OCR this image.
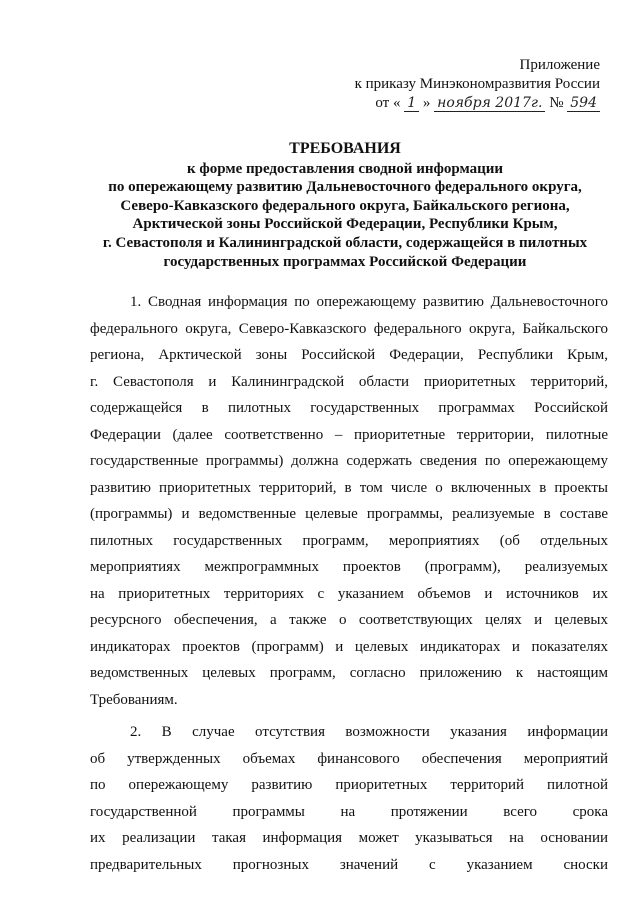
Приложение
к приказу Минэкономразвития России
от « 1 » ноября 2017г. № 594
ТРЕБОВАНИЯ
к форме предоставления сводной информации
по опережающему развитию Дальневосточного федерального округа,
Северо-Кавказского федерального округа, Байкальского региона,
Арктической зоны Российской Федерации, Республики Крым,
г. Севастополя и Калининградской области, содержащейся в пилотных
государственных программах Российской Федерации
1. Сводная информация по опережающему развитию Дальневосточного
федерального округа, Северо-Кавказского федерального округа, Байкальского
региона, Арктической зоны Российской Федерации, Республики Крым,
г. Севастополя и Калининградской области приоритетных территорий,
содержащейся в пилотных государственных программах Российской
Федерации (далее соответственно – приоритетные территории, пилотные
государственные программы) должна содержать сведения по опережающему
развитию приоритетных территорий, в том числе о включенных в проекты
(программы) и ведомственные целевые программы, реализуемые в составе
пилотных государственных программ, мероприятиях (об отдельных
мероприятиях межпрограммных проектов (программ), реализуемых
на приоритетных территориях с указанием объемов и источников их
ресурсного обеспечения, а также о соответствующих целях и целевых
индикаторах проектов (программ) и целевых индикаторах и показателях
ведомственных целевых программ, согласно приложению к настоящим
Требованиям.
2. В случае отсутствия возможности указания информации
об утвержденных объемах финансового обеспечения мероприятий
по опережающему развитию приоритетных территорий пилотной
государственной программы на протяжении всего срока
их реализации такая информация может указываться на основании
предварительных прогнозных значений с указанием сноски
